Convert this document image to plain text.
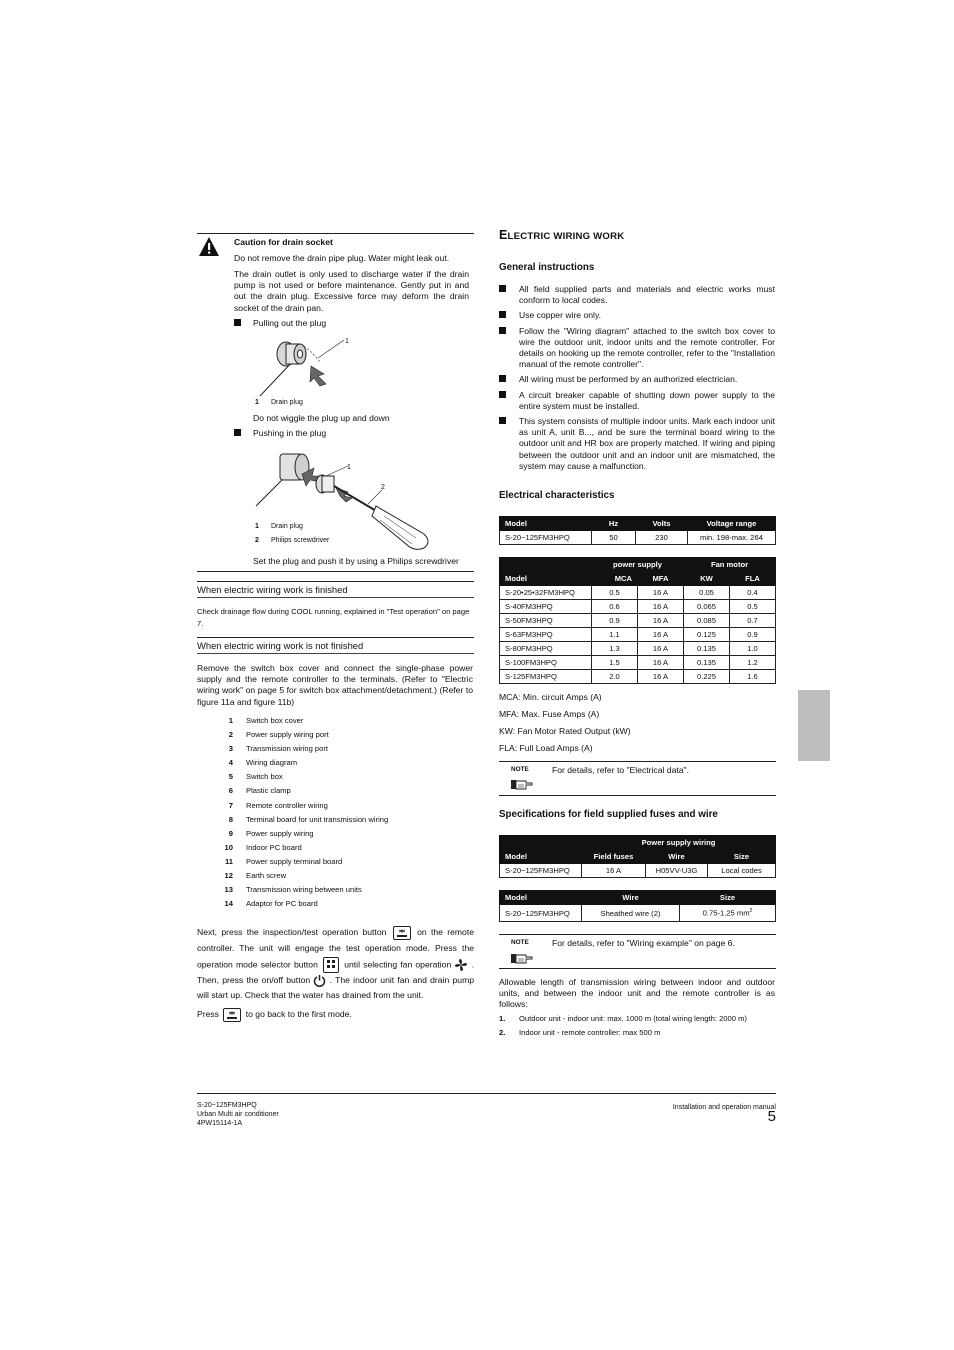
Caution for drain socket
Do not remove the drain pipe plug. Water might leak out.
The drain outlet is only used to discharge water if the drain pump is not used or before maintenance. Gently put in and out the drain plug. Excessive force may deform the drain socket of the drain pan.
Pulling out the plug
1
1 Drain plug
Do not wiggle the plug up and down
Pushing in the plug
1
2
1 Drain plug
2 Philips screwdriver
Set the plug and push it by using a Philips screwdriver
When electric wiring work is finished
Check drainage flow during COOL running, explained in "Test operation" on page 7.
When electric wiring work is not finished
Remove the switch box cover and connect the single-phase power supply and the remote controller to the terminals. (Refer to "Electric wiring work" on page 5 for switch box attachment/detachment.) (Refer to figure 11a and figure 11b)
1 Switch box cover
2 Power supply wiring port
3 Transmission wiring port
4 Wiring diagram
5 Switch box
6 Plastic clamp
7 Remote controller wiring
8 Terminal board for unit transmission wiring
9 Power supply wiring
10 Indoor PC board
11 Power supply terminal board
12 Earth screw
13 Transmission wiring between units
14 Adaptor for PC board
Next, press the inspection/test operation button	on the remote controller. The unit will engage the test operation mode. Press the operation mode selector button	until selecting fan operation . Then, press the on/off button . The indoor unit fan and drain pump will start up. Check that the water has drained from the unit.
Press	to go back to the first mode.
ELECTRIC WIRING WORK
General instructions
All field supplied parts and materials and electric works must conform to local codes.
Use copper wire only.
Follow the "Wiring diagram" attached to the switch box cover to wire the outdoor unit, indoor units and the remote controller. For details on hooking up the remote controller, refer to the "Installation manual of the remote controller".
All wiring must be performed by an authorized electrician.
A circuit breaker capable of shutting down power supply to the entire system must be installed.
This system consists of multiple indoor units. Mark each indoor unit as unit A, unit B..., and be sure the terminal board wiring to the outdoor unit and HR box are properly matched. If wiring and piping between the outdoor unit and an indoor unit are mismatched, the system may cause a malfunction.
Electrical characteristics
Model	Hz	Volts	Voltage range
S-20~125FM3HPQ	50	230	min. 198-max. 264
	power supply		Fan motor	
Model	MCA	MFA	KW	FLA
S-20•25•32FM3HPQ	0.5	16 A	0.05	0.4
S-40FM3HPQ	0.6	16 A	0.065	0.5
S-50FM3HPQ	0.9	16 A	0.085	0.7
S-63FM3HPQ	1.1	16 A	0.125	0.9
S-80FM3HPQ	1.3	16 A	0.135	1.0
S-100FM3HPQ	1.5	16 A	0.135	1.2
S-125FM3HPQ	2.0	16 A	0.225	1.6
MCA: Min. circuit Amps (A)
MFA: Max. Fuse Amps (A)
KW: Fan Motor Rated Output (kW)
FLA: Full Load Amps (A)
NOTE	For details, refer to "Electrical data".
Specifications for field supplied fuses and wire
	Power supply wiring		
Model	Field fuses	Wire	Size
S-20~125FM3HPQ	16 A	H05VV-U3G	Local codes
Model	Wire	Size
S-20~125FM3HPQ	Sheathed wire (2)	0.75-1.25 $mm^2$
NOTE	For details, refer to "Wiring example" on page 6.
Allowable length of transmission wiring between indoor and outdoor units, and between the indoor unit and the remote controller is as follows:
1. Outdoor unit - indoor unit: max. 1000 m (total wiring length: 2000 m)
2. Indoor unit - remote controller: max 500 m
S-20~125FM3HPQ
Urban Multi air conditioner
4PW15114-1A
Installation and operation manual
5
